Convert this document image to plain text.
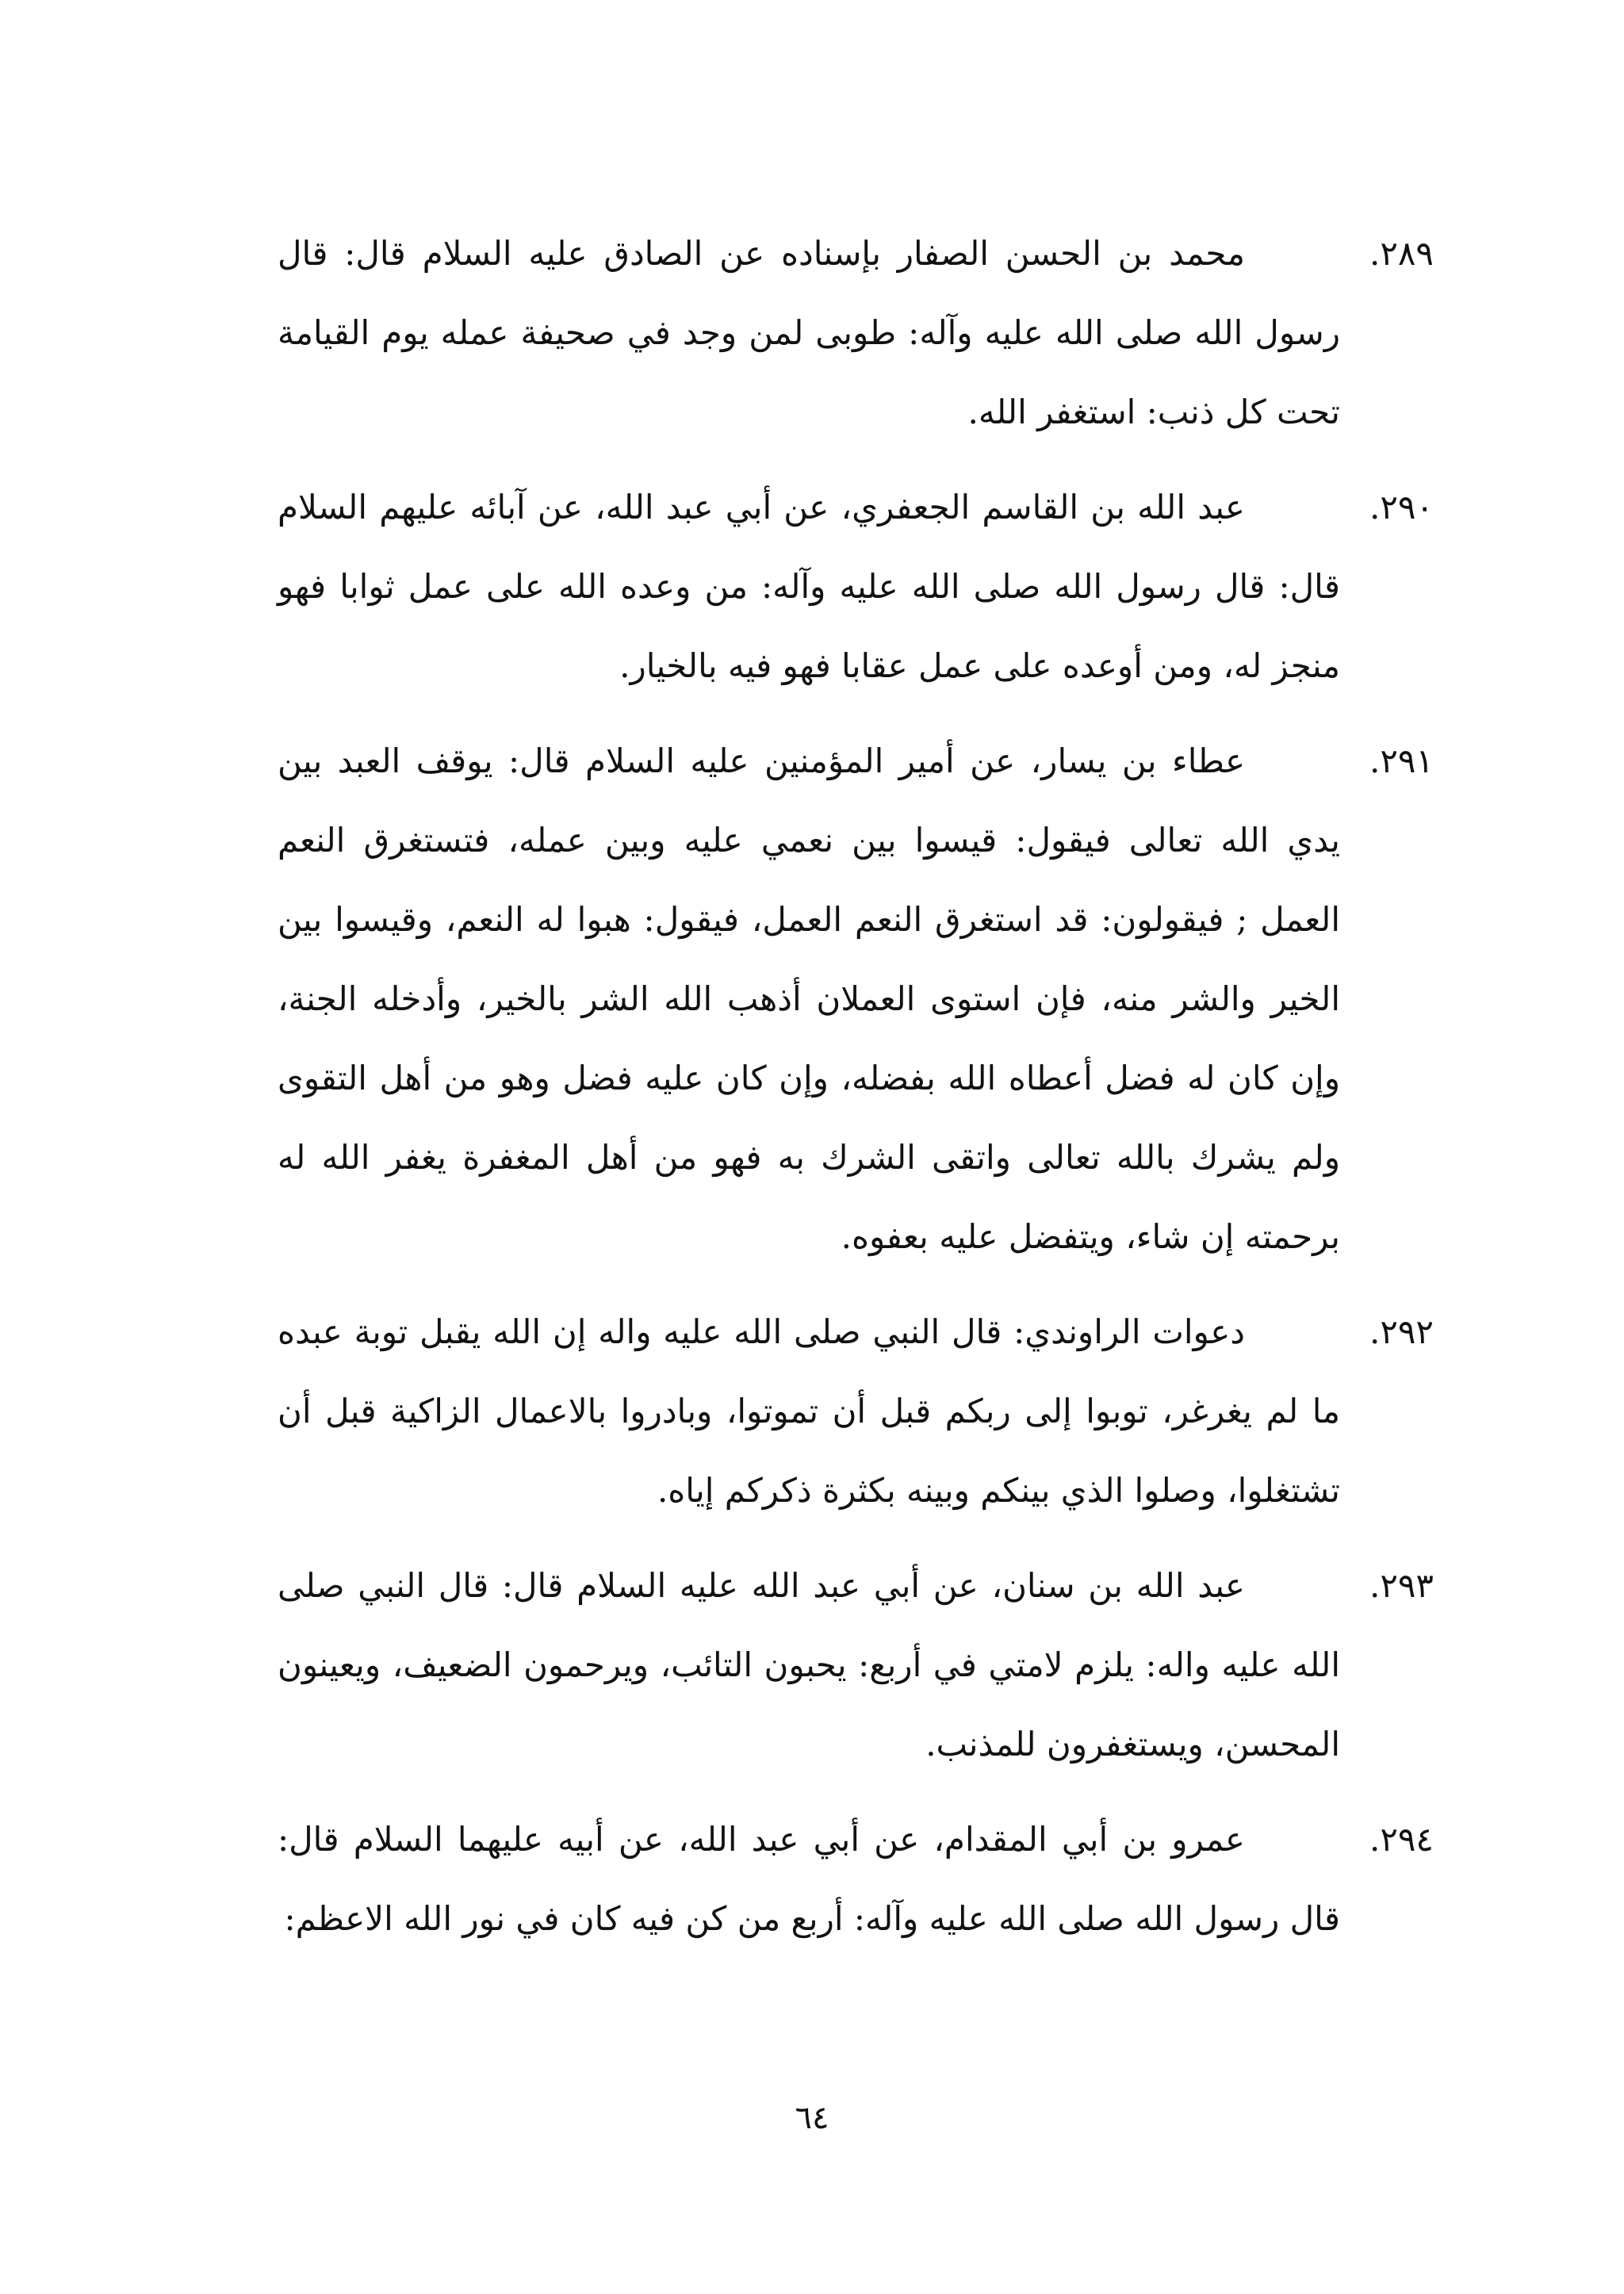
٢٨٩.

محمد بن الحسن الصفار بإسناده عن الصادق عليه السلام قال: قال رسول الله صلى الله عليه وآله: طوبى لمن وجد في صحيفة عمله يوم القيامة تحت كل ذنب: استغفر الله.

٢٩٠.

عبد الله بن القاسم الجعفري، عن أبي عبد الله، عن آبائه عليهم السلام قال: قال رسول الله صلى الله عليه وآله: من وعده الله على عمل ثوابا فهو منجز له، ومن أوعده على عمل عقابا فهو فيه بالخيار.

٢٩١.

عطاء بن يسار، عن أمير المؤمنين عليه السلام قال: يوقف العبد بين يدي الله تعالى فيقول: قيسوا بين نعمي عليه وبين عمله، فتستغرق النعم العمل ; فيقولون: قد استغرق النعم العمل، فيقول: هبوا له النعم، وقيسوا بين الخير والشر منه، فإن استوى العملان أذهب الله الشر بالخير، وأدخله الجنة، وإن كان له فضل أعطاه الله بفضله، وإن كان عليه فضل وهو من أهل التقوى ولم يشرك بالله تعالى واتقى الشرك به فهو من أهل المغفرة يغفر الله له برحمته إن شاء، ويتفضل عليه بعفوه.

٢٩٢.

دعوات الراوندي: قال النبي صلى الله عليه واله إن الله يقبل توبة عبده ما لم يغرغر، توبوا إلى ربكم قبل أن تموتوا، وبادروا بالاعمال الزاكية قبل أن تشتغلوا، وصلوا الذي بينكم وبينه بكثرة ذكركم إياه.

٢٩٣.

عبد الله بن سنان، عن أبي عبد الله عليه السلام قال: قال النبي صلى الله عليه واله: يلزم لامتي في أربع: يحبون التائب، ويرحمون الضعيف، ويعينون المحسن، ويستغفرون للمذنب.

٢٩٤.

عمرو بن أبي المقدام، عن أبي عبد الله، عن أبيه عليهما السلام قال: قال رسول الله صلى الله عليه وآله: أربع من كن فيه كان في نور الله الاعظم:

٦٤
